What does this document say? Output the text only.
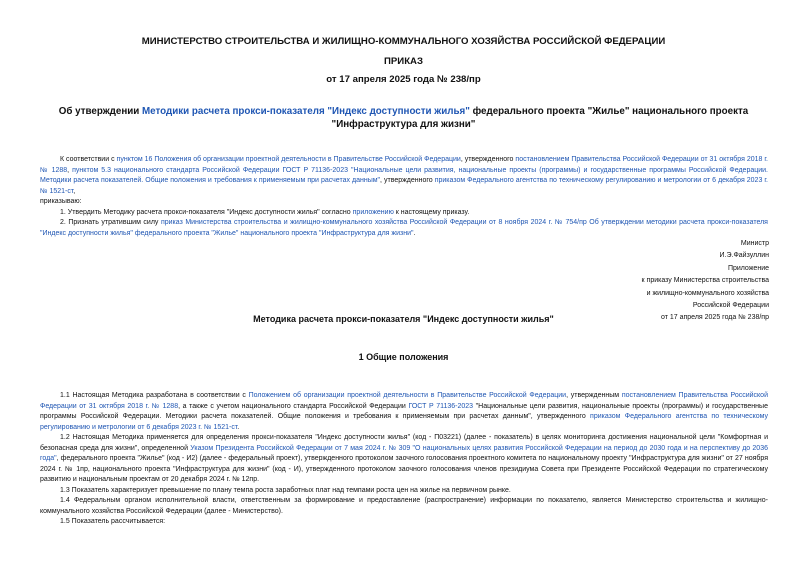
МИНИСТЕРСТВО СТРОИТЕЛЬСТВА И ЖИЛИЩНО-КОММУНАЛЬНОГО ХОЗЯЙСТВА РОССИЙСКОЙ ФЕДЕРАЦИИ
ПРИКАЗ
от 17 апреля 2025 года № 238/пр
Об утверждении Методики расчета прокси-показателя "Индекс доступности жилья" федерального проекта "Жилье" национального проекта "Инфраструктура для жизни"

К соответствии с пунктом 16 Положения об организации проектной деятельности в Правительстве Российской Федерации, утвержденного постановлением Правительства Российской Федерации от 31 октября 2018 г. № 1288, пунктом 5.3 национального стандарта Российской Федерации ГОСТ Р 71136-2023 "Национальные цели развития, национальные проекты (программы) и государственные программы Российской Федерации. Методики расчета показателей. Общие положения и требования к применяемым при расчетах данным", утвержденного приказом Федерального агентства по техническому регулированию и метрологии от 6 декабря 2023 г. № 1521-ст,

приказываю:

1. Утвердить Методику расчета прокси-показателя "Индекс доступности жилья" согласно приложению к настоящему приказу.

2. Признать утратившим силу приказ Министерства строительства и жилищно-коммунального хозяйства Российской Федерации от 8 ноября 2024 г. № 754/пр Об утверждении методики расчета прокси-показателя "Индекс доступности жилья" федерального проекта "Жилье" национального проекта "Инфраструктура для жизни".

Министр
И.Э.Файзуллин
Приложение
к приказу Министерства строительства
и жилищно-коммунального хозяйства
Российской Федерации
от 17 апреля 2025 года № 238/пр
Методика расчета прокси-показателя "Индекс доступности жилья"
1 Общие положения

1.1 Настоящая Методика разработана в соответствии с Положением об организации проектной деятельности в Правительстве Российской Федерации, утвержденным постановлением Правительства Российской Федерации от 31 октября 2018 г. № 1288, а также с учетом национального стандарта Российской Федерации ГОСТ Р 71136-2023 "Национальные цели развития, национальные проекты (программы) и государственные программы Российской Федерации. Методики расчета показателей. Общие положения и требования к применяемым при расчетах данным", утвержденного приказом Федерального агентства по техническому регулированию и метрологии от 6 декабря 2023 г. № 1521-ст.

1.2 Настоящая Методика применяется для определения прокси-показателя "Индекс доступности жилья" (код - П03221) (далее - показатель) в целях мониторинга достижения национальной цели "Комфортная и безопасная среда для жизни", определенной Указом Президента Российской Федерации от 7 мая 2024 г. № 309 "О национальных целях развития Российской Федерации на период до 2030 года и на перспективу до 2036 года", федерального проекта "Жилье" (код - И2) (далее - федеральный проект), утвержденного протоколом заочного голосования проектного комитета по национальному проекту "Инфраструктура для жизни" от 27 ноября 2024 г. № 1пр, национального проекта "Инфраструктура для жизни" (код - И), утвержденного протоколом заочного голосования членов президиума Совета при Президенте Российской Федерации по стратегическому развитию и национальным проектам от 20 декабря 2024 г. № 12пр.

1.3 Показатель характеризует превышение по плану темпа роста заработных плат над темпами роста цен на жилье на первичном рынке.

1.4 Федеральным органом исполнительной власти, ответственным за формирование и предоставление (распространение) информации по показателю, является Министерство строительства и жилищно-коммунального хозяйства Российской Федерации (далее - Министерство).

1.5 Показатель рассчитывается:
